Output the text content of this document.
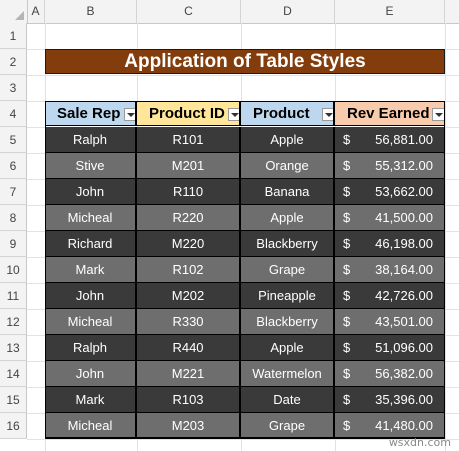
A	B	C	D	E
1
2
3
4
5
6
7
8
9
10
11
12
13
14
15
16
Application of Table Styles
Sale Rep	Product ID	Product	Rev Earned
Ralph	R101	Apple	$ 56,881.00
Stive	M201	Orange	$ 55,312.00
John	R110	Banana	$ 53,662.00
Micheal	R220	Apple	$ 41,500.00
Richard	M220	Blackberry	$ 46,198.00
Mark	R102	Grape	$ 38,164.00
John	M202	Pineapple	$ 42,726.00
Micheal	R330	Blackberry	$ 43,501.00
Ralph	R440	Apple	$ 51,096.00
John	M221	Watermelon	$ 56,382.00
Mark	R103	Date	$ 35,396.00
Micheal	M203	Grape	$ 41,480.00
wsxdn.com
